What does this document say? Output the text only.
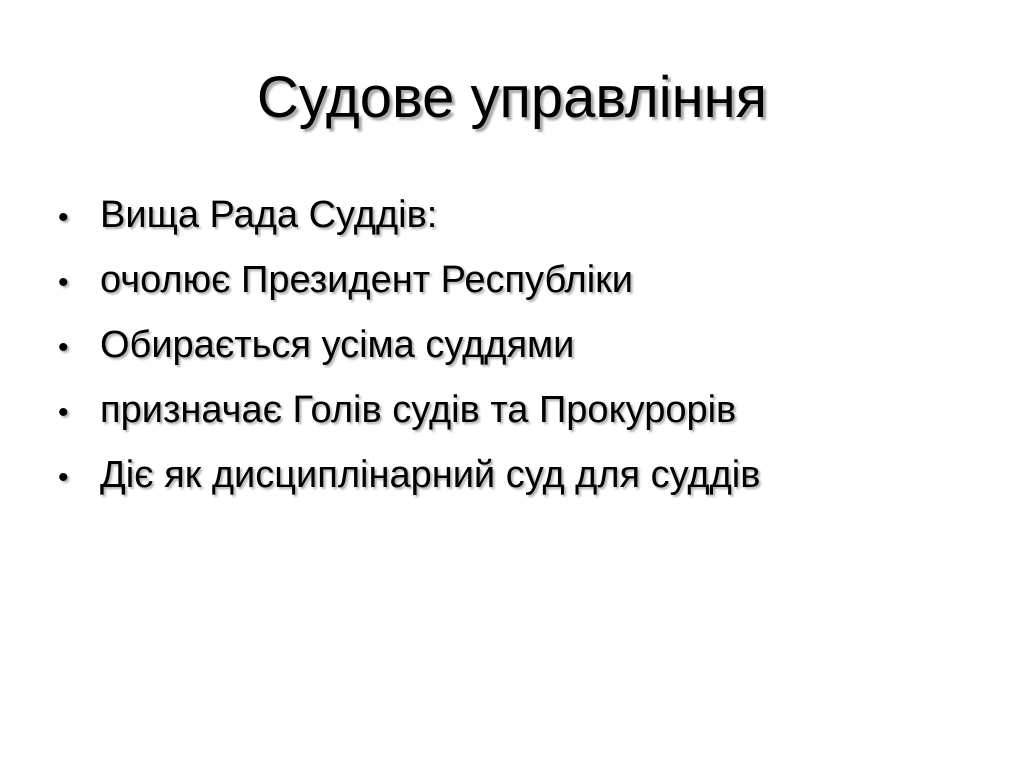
Судове управління
• Вища Рада Суддів:
• очолює Президент Республіки
• Обирається усіма суддями
• призначає Голів судів та Прокурорів
• Діє як дисциплінарний суд для суддів
